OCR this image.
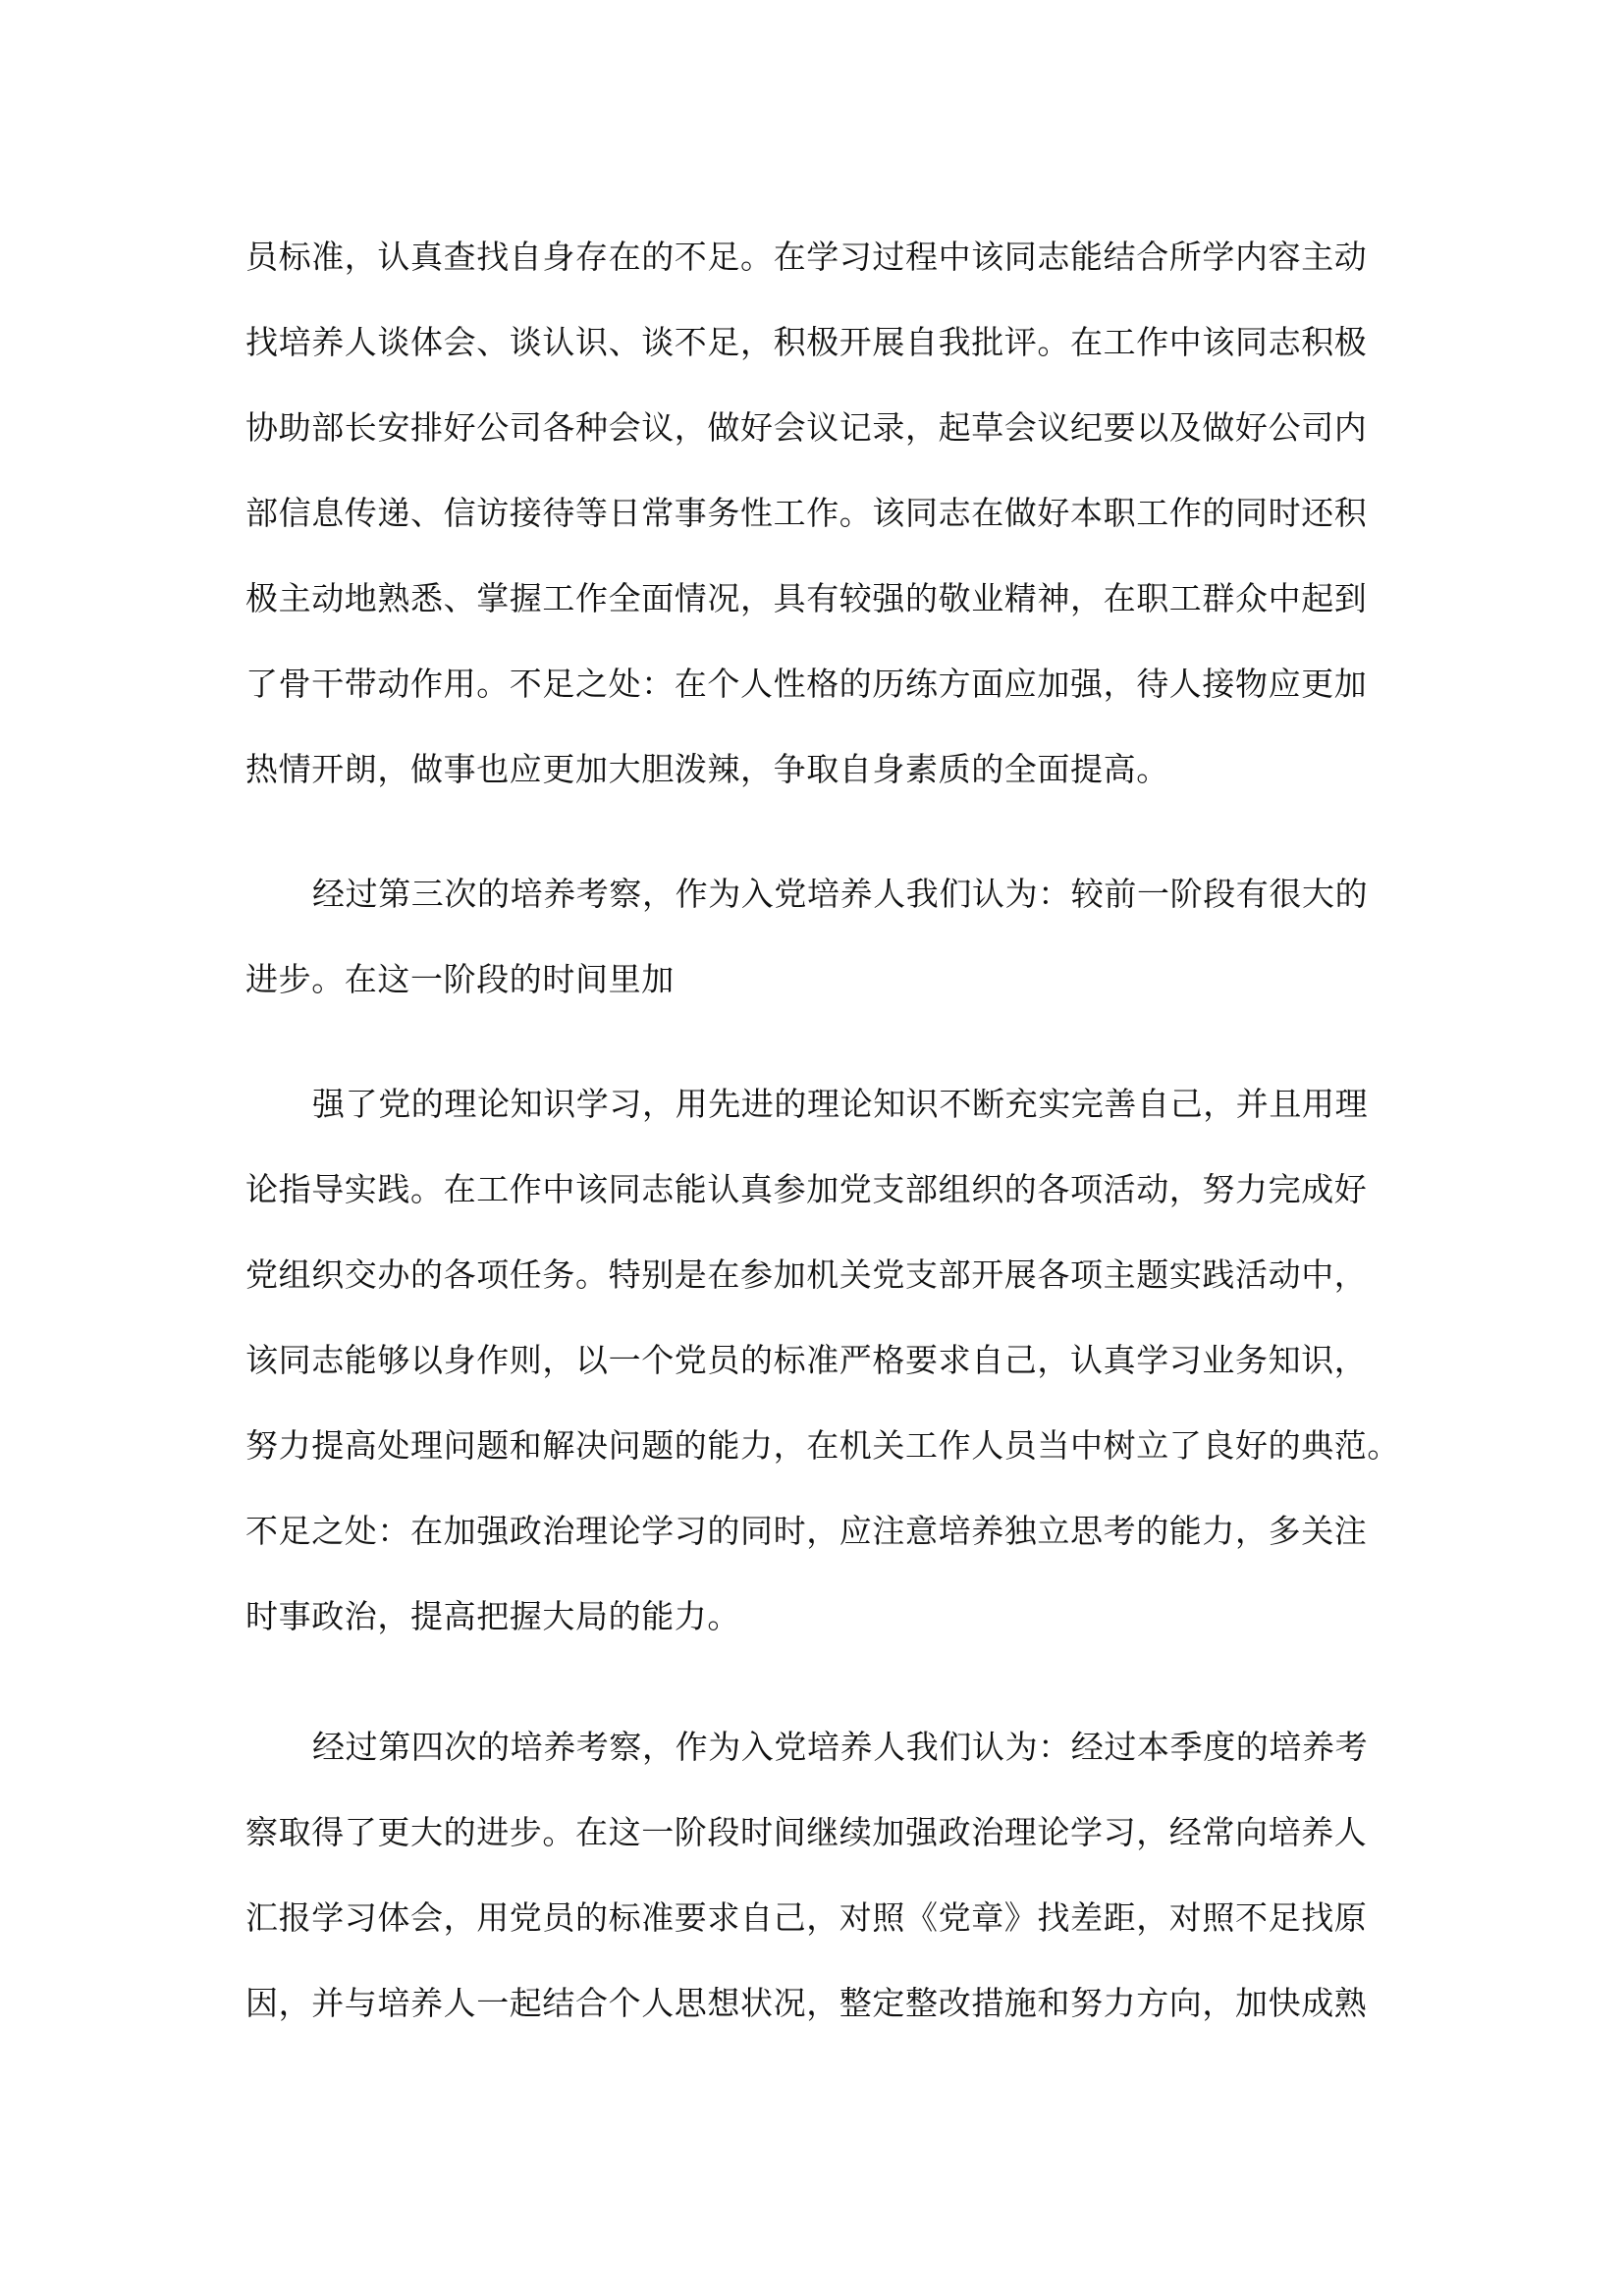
员标准，认真查找自身存在的不足。在学习过程中该同志能结合所学内容主动
找培养人谈体会、谈认识、谈不足，积极开展自我批评。在工作中该同志积极
协助部长安排好公司各种会议，做好会议记录，起草会议纪要以及做好公司内
部信息传递、信访接待等日常事务性工作。该同志在做好本职工作的同时还积
极主动地熟悉、掌握工作全面情况，具有较强的敬业精神，在职工群众中起到
了骨干带动作用。不足之处：在个人性格的历练方面应加强，待人接物应更加
热情开朗，做事也应更加大胆泼辣，争取自身素质的全面提高。
经过第三次的培养考察，作为入党培养人我们认为：较前一阶段有很大的
进步。在这一阶段的时间里加
强了党的理论知识学习，用先进的理论知识不断充实完善自己，并且用理
论指导实践。在工作中该同志能认真参加党支部组织的各项活动，努力完成好
党组织交办的各项任务。特别是在参加机关党支部开展各项主题实践活动中，
该同志能够以身作则，以一个党员的标准严格要求自己，认真学习业务知识，
努力提高处理问题和解决问题的能力，在机关工作人员当中树立了良好的典范。
不足之处：在加强政治理论学习的同时，应注意培养独立思考的能力，多关注
时事政治，提高把握大局的能力。
经过第四次的培养考察，作为入党培养人我们认为：经过本季度的培养考
察取得了更大的进步。在这一阶段时间继续加强政治理论学习，经常向培养人
汇报学习体会，用党员的标准要求自己，对照《党章》找差距，对照不足找原
因，并与培养人一起结合个人思想状况，整定整改措施和努力方向，加快成熟
